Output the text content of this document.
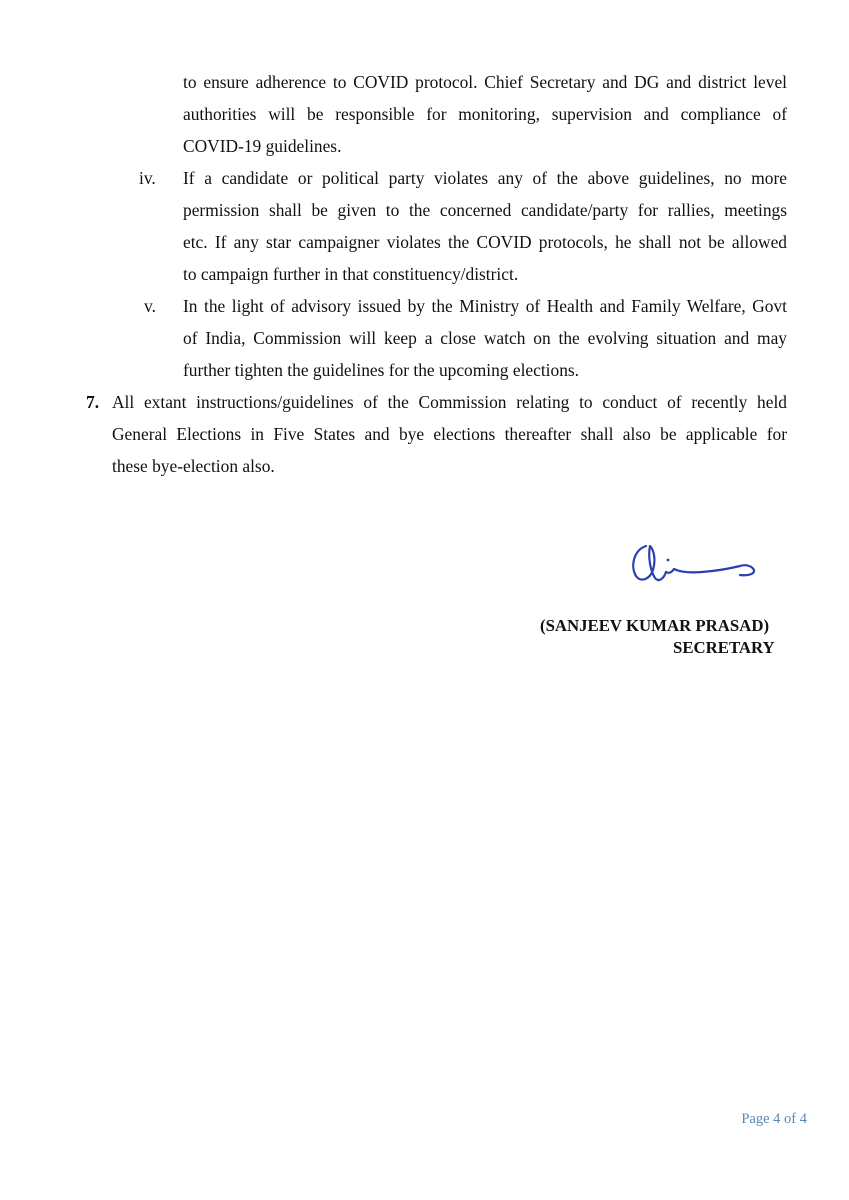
to ensure adherence to COVID protocol. Chief Secretary and DG and district level
authorities will be responsible for monitoring, supervision and compliance of
COVID-19 guidelines.
iv. If a candidate or political party violates any of the above guidelines, no more
permission shall be given to the concerned candidate/party for rallies, meetings
etc. If any star campaigner violates the COVID protocols, he shall not be allowed
to campaign further in that constituency/district.
v. In the light of advisory issued by the Ministry of Health and Family Welfare, Govt
of India, Commission will keep a close watch on the evolving situation and may
further tighten the guidelines for the upcoming elections.
7. All extant instructions/guidelines of the Commission relating to conduct of recently held
General Elections in Five States and bye elections thereafter shall also be applicable for
these bye-election also.
(SANJEEV KUMAR PRASAD)
SECRETARY
Page 4 of 4
